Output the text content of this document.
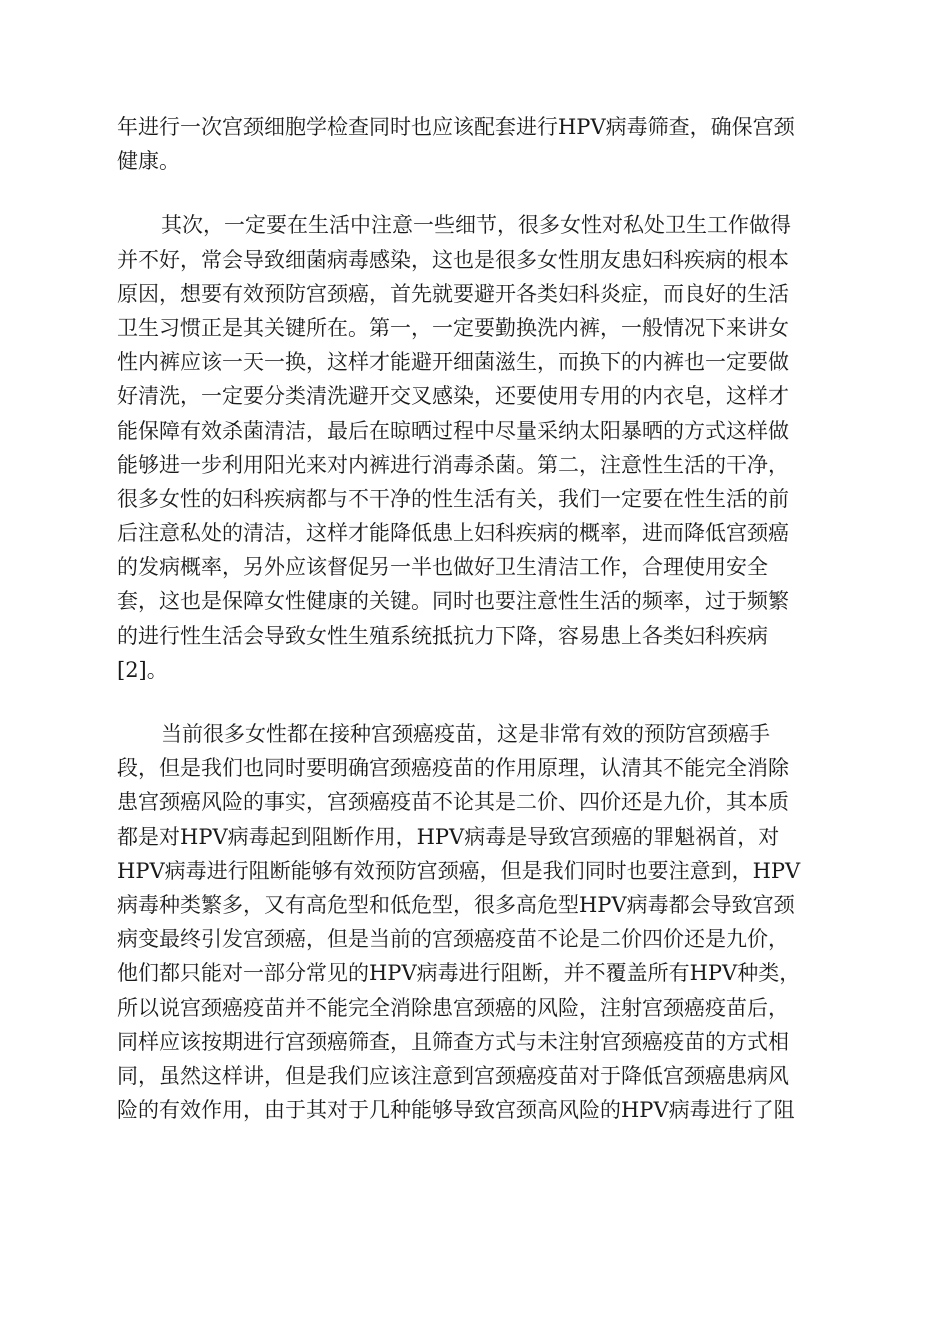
年进行一次宫颈细胞学检查同时也应该配套进行HPV病毒筛查，确保宫颈
健康。
其次，一定要在生活中注意一些细节，很多女性对私处卫生工作做得
并不好，常会导致细菌病毒感染，这也是很多女性朋友患妇科疾病的根本
原因，想要有效预防宫颈癌，首先就要避开各类妇科炎症，而良好的生活
卫生习惯正是其关键所在。第一，一定要勤换洗内裤，一般情况下来讲女
性内裤应该一天一换，这样才能避开细菌滋生，而换下的内裤也一定要做
好清洗，一定要分类清洗避开交叉感染，还要使用专用的内衣皂，这样才
能保障有效杀菌清洁，最后在晾晒过程中尽量采纳太阳暴晒的方式这样做
能够进一步利用阳光来对内裤进行消毒杀菌。第二，注意性生活的干净，
很多女性的妇科疾病都与不干净的性生活有关，我们一定要在性生活的前
后注意私处的清洁，这样才能降低患上妇科疾病的概率，进而降低宫颈癌
的发病概率，另外应该督促另一半也做好卫生清洁工作，合理使用安全
套，这也是保障女性健康的关键。同时也要注意性生活的频率，过于频繁
的进行性生活会导致女性生殖系统抵抗力下降，容易患上各类妇科疾病
[2]。
当前很多女性都在接种宫颈癌疫苗，这是非常有效的预防宫颈癌手
段，但是我们也同时要明确宫颈癌疫苗的作用原理，认清其不能完全消除
患宫颈癌风险的事实，宫颈癌疫苗不论其是二价、四价还是九价，其本质
都是对HPV病毒起到阻断作用，HPV病毒是导致宫颈癌的罪魁祸首，对
HPV病毒进行阻断能够有效预防宫颈癌，但是我们同时也要注意到，HPV
病毒种类繁多，又有高危型和低危型，很多高危型HPV病毒都会导致宫颈
病变最终引发宫颈癌，但是当前的宫颈癌疫苗不论是二价四价还是九价，
他们都只能对一部分常见的HPV病毒进行阻断，并不覆盖所有HPV种类，
所以说宫颈癌疫苗并不能完全消除患宫颈癌的风险，注射宫颈癌疫苗后，
同样应该按期进行宫颈癌筛查，且筛查方式与未注射宫颈癌疫苗的方式相
同，虽然这样讲，但是我们应该注意到宫颈癌疫苗对于降低宫颈癌患病风
险的有效作用，由于其对于几种能够导致宫颈高风险的HPV病毒进行了阻
